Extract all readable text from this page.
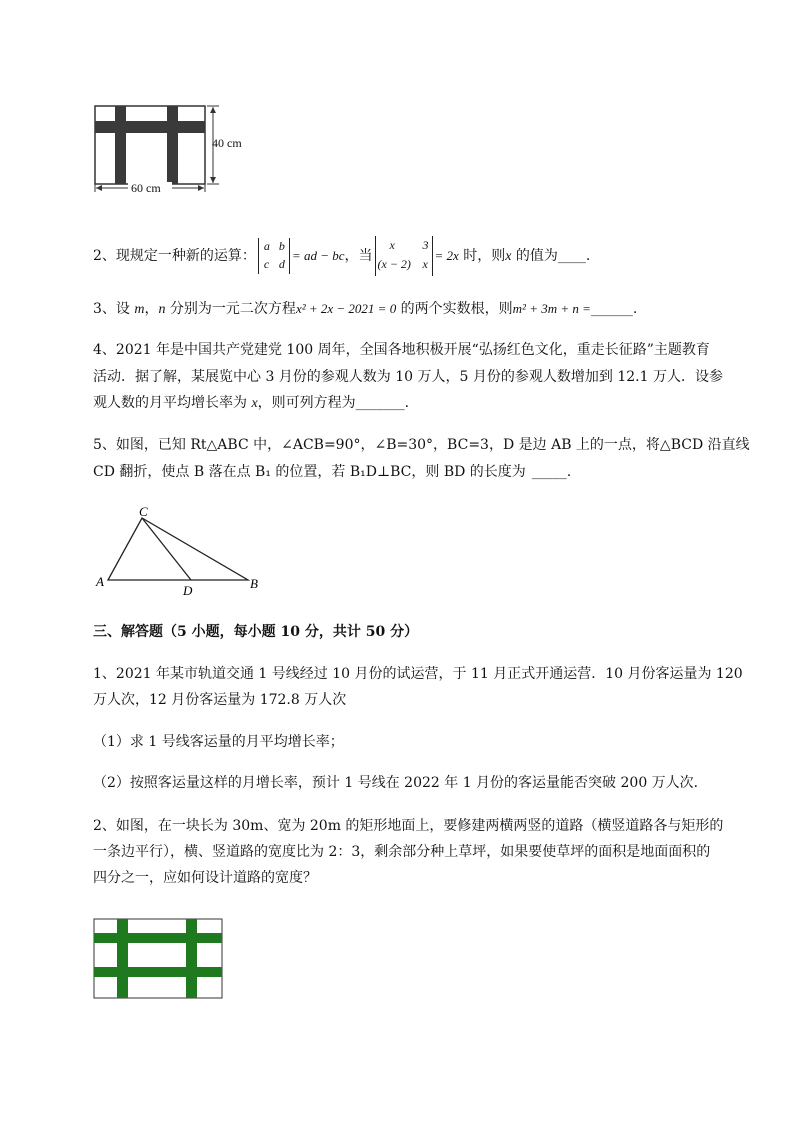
40 cm
60 cm
2、现规定一种新的运算：
a b
c d
= ad − bc，当
x 3
(x − 2) x
= 2x 时，则x 的值为____.
3、设 m，n 分别为一元二次方程x² + 2x − 2021 = 0 的两个实数根，则m² + 3m + n =______.
4、2021 年是中国共产党建党 100 周年，全国各地积极开展“弘扬红色文化，重走长征路”主题教育
活动．据了解，某展览中心 3 月份的参观人数为 10 万人，5 月份的参观人数增加到 12.1 万人．设参
观人数的月平均增长率为 x，则可列方程为_______.
5、如图，已知 Rt△ABC 中，∠ACB=90°，∠B=30°，BC=3，D 是边 AB 上的一点，将△BCD 沿直线
CD 翻折，使点 B 落在点 B₁ 的位置，若 B₁D⊥BC，则 BD 的长度为 _____.
C
A	B
D
三、解答题（5 小题，每小题 10 分，共计 50 分）
1、2021 年某市轨道交通 1 号线经过 10 月份的试运营，于 11 月正式开通运营．10 月份客运量为 120
万人次，12 月份客运量为 172.8 万人次
（1）求 1 号线客运量的月平均增长率；
（2）按照客运量这样的月增长率，预计 1 号线在 2022 年 1 月份的客运量能否突破 200 万人次．
2、如图，在一块长为 30m、宽为 20m 的矩形地面上，要修建两横两竖的道路（横竖道路各与矩形的
一条边平行），横、竖道路的宽度比为 2：3，剩余部分种上草坪，如果要使草坪的面积是地面面积的
四分之一，应如何设计道路的宽度？
